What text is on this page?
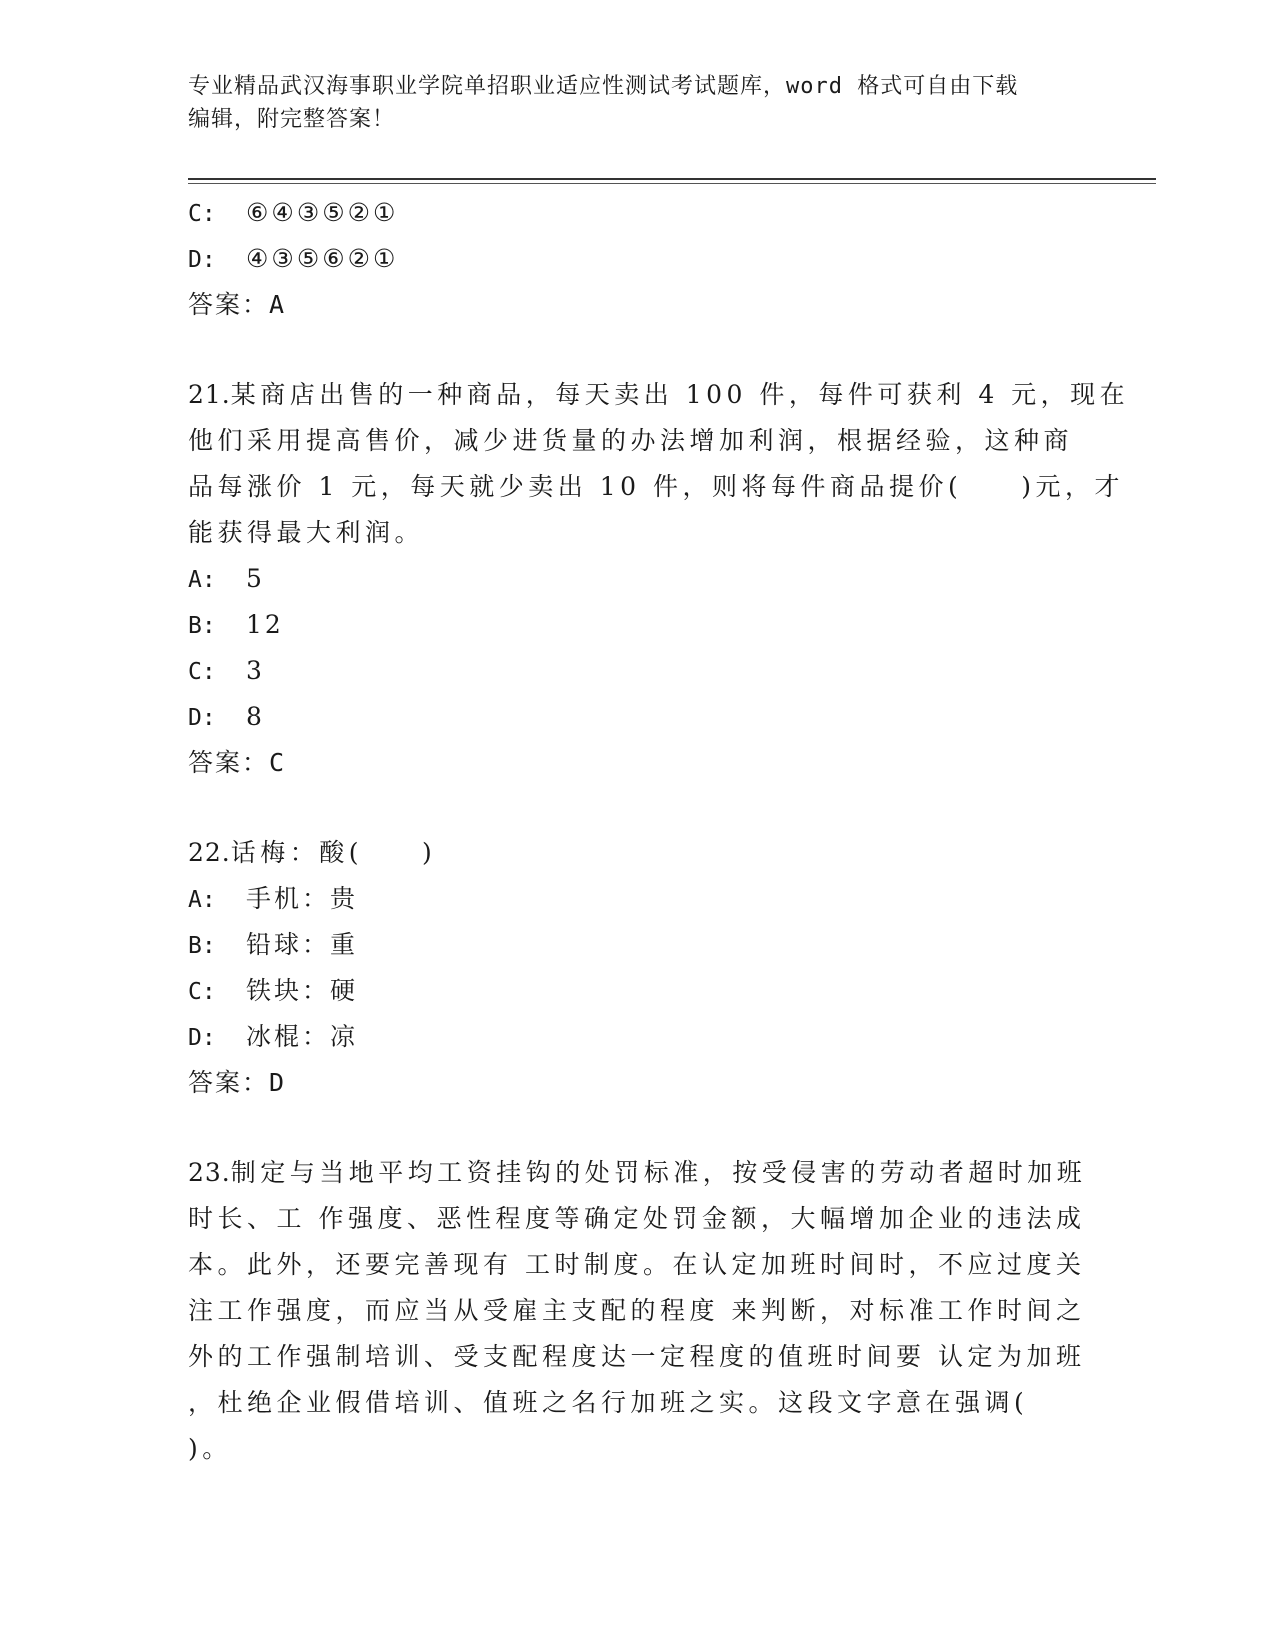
专业精品武汉海事职业学院单招职业适应性测试考试题库，word 格式可自由下载
编辑，附完整答案！
C: ⑥④③⑤②①
D: ④③⑤⑥②①
答案：A
21.某商店出售的一种商品，每天卖出 100 件，每件可获利 4 元，现在
他们采用提高售价，减少进货量的办法增加利润，根据经验，这种商
品每涨价 1 元，每天就少卖出 10 件，则将每件商品提价(　　)元，才
能获得最大利润。
A: 5
B: 12
C: 3
D: 8
答案：C
22.话梅：酸(　　)
A: 手机：贵
B: 铅球：重
C: 铁块：硬
D: 冰棍：凉
答案：D
23.制定与当地平均工资挂钩的处罚标准，按受侵害的劳动者超时加班
时长、工 作强度、恶性程度等确定处罚金额，大幅增加企业的违法成
本。此外，还要完善现有 工时制度。在认定加班时间时，不应过度关
注工作强度，而应当从受雇主支配的程度 来判断，对标准工作时间之
外的工作强制培训、受支配程度达一定程度的值班时间要 认定为加班
，杜绝企业假借培训、值班之名行加班之实。这段文字意在强调(
)。
